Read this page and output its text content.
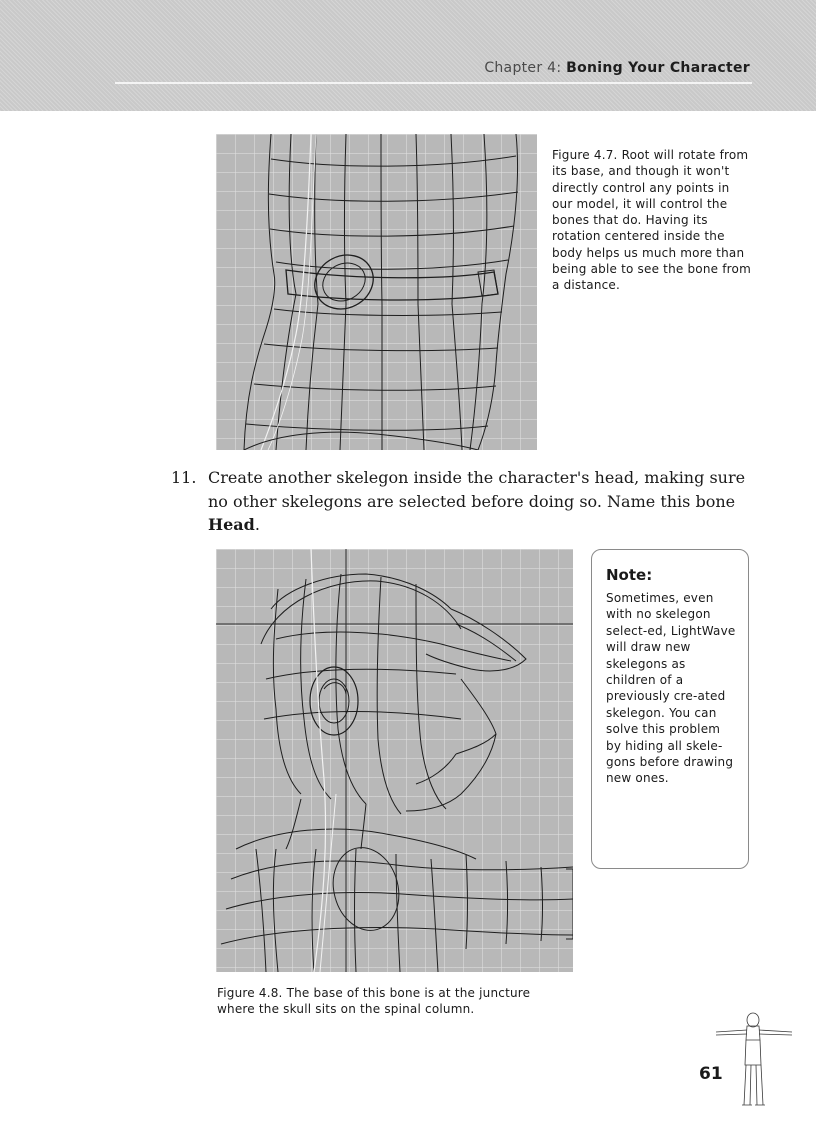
Chapter 4: Boning Your Character
Figure 4.7. Root will rotate from its base, and though it won't directly control any points in our model, it will control the bones that do. Having its rotation centered inside the body helps us much more than being able to see the bone from a distance.
11. Create another skelegon inside the character's head, making sure no other skelegons are selected before doing so. Name this bone Head.
Note:
Sometimes, even with no skelegon select-ed, LightWave will draw new skelegons as children of a previously cre-ated skelegon. You can solve this problem by hiding all skele-gons before drawing new ones.
Figure 4.8. The base of this bone is at the juncture where the skull sits on the spinal column.
61
